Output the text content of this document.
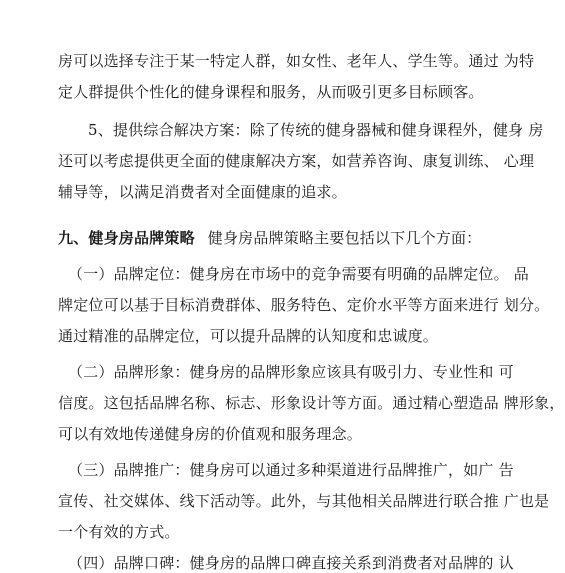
房可以选择专注于某一特定人群，如女性、老年人、学生等。通过 为特
定人群提供个性化的健身课程和服务，从而吸引更多目标顾客。
5、提供综合解决方案：除了传统的健身器械和健身课程外，健身 房
还可以考虑提供更全面的健康解决方案，如营养咨询、康复训练、 心理
辅导等，以满足消费者对全面健康的追求。
九、健身房品牌策略 健身房品牌策略主要包括以下几个方面：
（一）品牌定位：健身房在市场中的竞争需要有明确的品牌定位。 品
牌定位可以基于目标消费群体、服务特色、定价水平等方面来进行 划分。
通过精准的品牌定位，可以提升品牌的认知度和忠诚度。
（二）品牌形象：健身房的品牌形象应该具有吸引力、专业性和 可
信度。这包括品牌名称、标志、形象设计等方面。通过精心塑造品 牌形象，
可以有效地传递健身房的价值观和服务理念。
（三）品牌推广：健身房可以通过多种渠道进行品牌推广，如广 告
宣传、社交媒体、线下活动等。此外，与其他相关品牌进行联合推 广也是
一个有效的方式。
（四）品牌口碑：健身房的品牌口碑直接关系到消费者对品牌的 认
